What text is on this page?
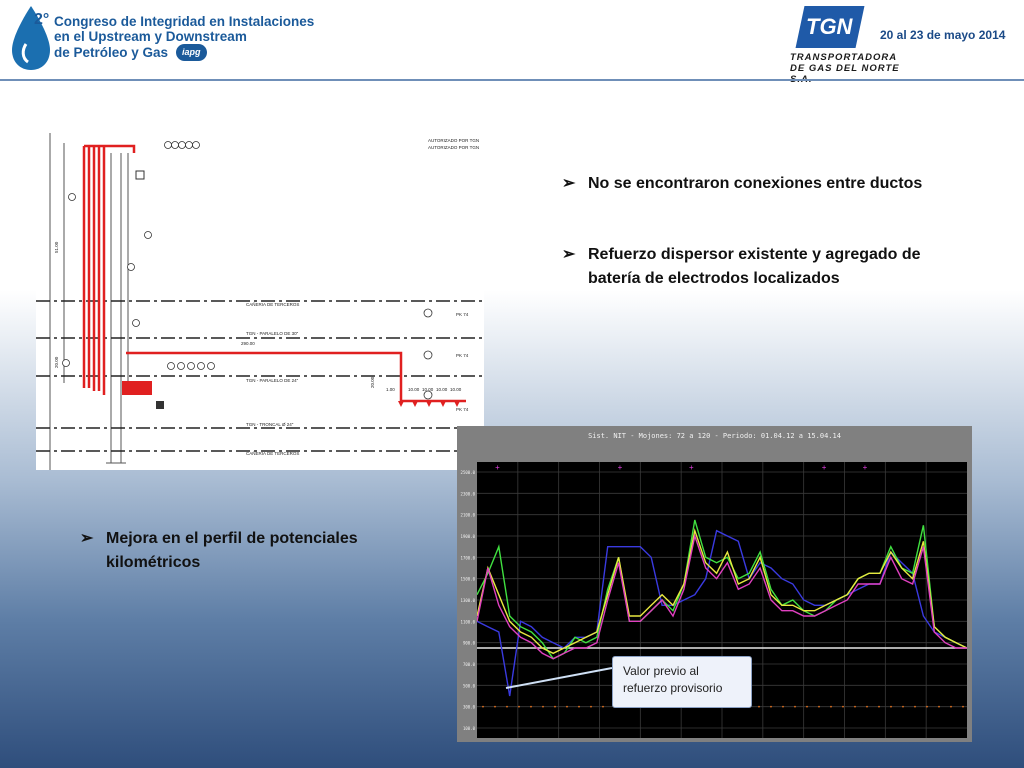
2° Congreso de Integridad en Instalaciones
en el Upstream y Downstream
de Petróleo y Gas	iapg
TGN
TRANSPORTADORA
DE GAS DEL NORTE
20 al 23 de mayo 2014
AUTORIZADO POR TGN
AUTORIZADO POR TGN
CAÑERIA DE TERCEROS
TGN - PARALELO DE 30"
TGN - PARALELO DE 24"
TGN - TRONCAL Ø 24"
CAÑERIA DE TERCEROS
PK 74
PK 74
PK 74
290.00
1.00	10.00 10.00 10.00 10.00
51.00
20.00
20.00
➢ No se encontraron conexiones entre ductos
➢ Refuerzo dispersor existente y agregado de
batería de electrodos localizados
➢ Mejora en el perfil de potenciales
kilométricos
Sist. NIT - Mojones: 72 a 120 - Periodo: 01.04.12 a 15.04.14
+	+	+	+	+
2500.0
2300.0
2100.0
1900.0
1700.0
1500.0
1300.0
1100.0
900.0
700.0
500.0
300.0
100.0
Valor previo al
refuerzo provisorio
